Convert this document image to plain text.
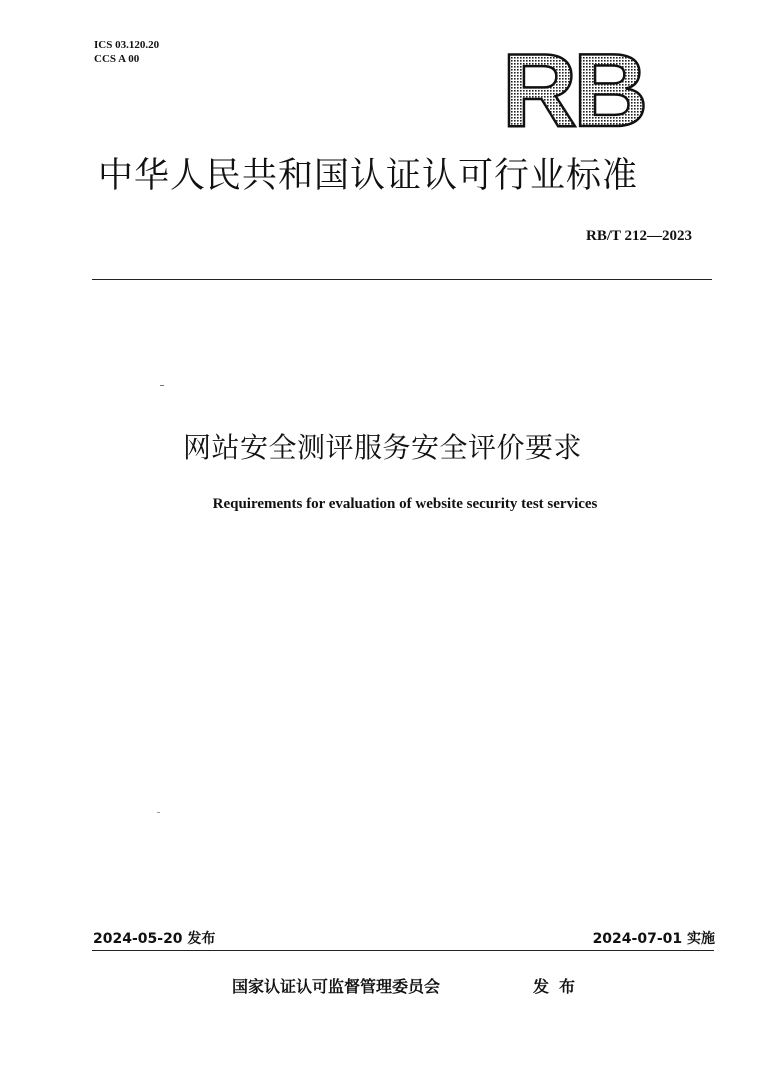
ICS 03.120.20
CCS A 00	RB
中华人民共和国认证认可行业标准
RB/T 212—2023
网站安全测评服务安全评价要求
Requirements for evaluation of website security test services
2024-05-20 发布	2024-07-01 实施
国家认证认可监督管理委员会	发布
